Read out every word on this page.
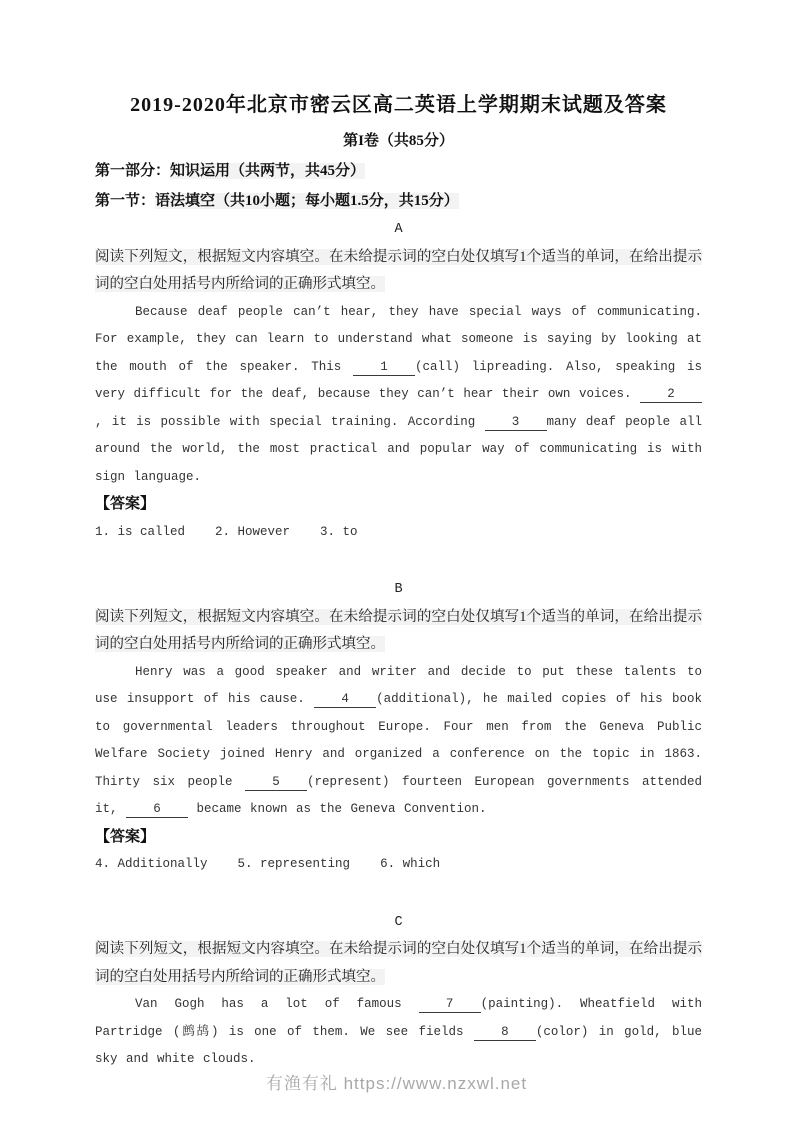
2019-2020年北京市密云区高二英语上学期期末试题及答案
第I卷（共85分）
第一部分：知识运用（共两节，共45分）
第一节：语法填空（共10小题；每小题1.5分，共15分）
A

阅读下列短文，根据短文内容填空。在未给提示词的空白处仅填写1个适当的单词，在给出提示词的空白处用括号内所给词的正确形式填空。

Because deaf people can’t hear, they have special ways of communicating. For example, they can learn to understand what someone is saying by looking at the mouth of the speaker. This 1 (call) lipreading. Also, speaking is very difficult for the deaf, because they can’t hear their own voices. 2, it is possible with special training. According 3 many deaf people all around the world, the most practical and popular way of communicating is with sign language.

【答案】
1. is called 2. However 3. to
B

阅读下列短文，根据短文内容填空。在未给提示词的空白处仅填写1个适当的单词，在给出提示词的空白处用括号内所给词的正确形式填空。

Henry was a good speaker and writer and decide to put these talents to use insupport of his cause. 4 (additional), he mailed copies of his book to governmental leaders throughout Europe. Four men from the Geneva Public Welfare Society joined Henry and organized a conference on the topic in 1863. Thirty six people 5 (represent) fourteen European governments attended it, 6 became known as the Geneva Convention.

【答案】
4. Additionally 5. representing 6. which
C

阅读下列短文，根据短文内容填空。在未给提示词的空白处仅填写1个适当的单词，在给出提示词的空白处用括号内所给词的正确形式填空。

Van Gogh has a lot of famous 7 (painting). Wheatfield with Partridge (鹧鸪) is one of them. We see fields 8 (color) in gold, blue sky and white clouds.

有渔有礼 https://www.nzxwl.net
